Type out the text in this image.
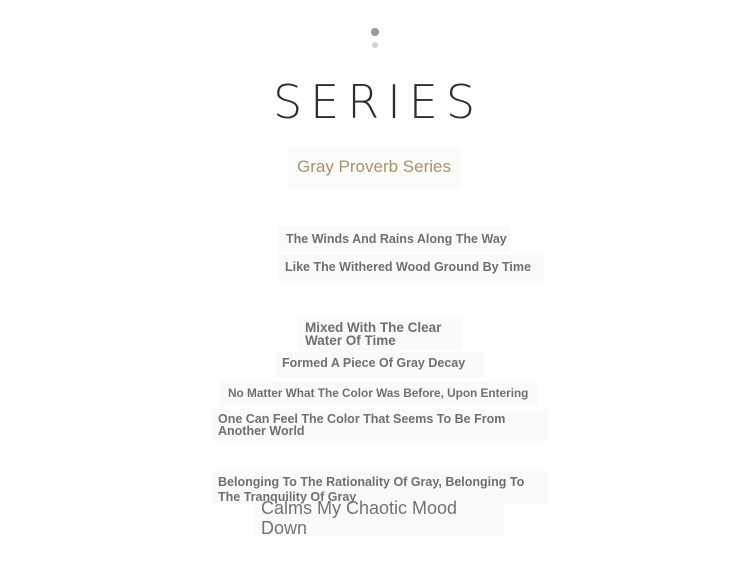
SERIES
Gray Proverb Series
The Winds And Rains Along The Way
Like The Withered Wood Ground By Time
Mixed With The Clear Water Of Time
Formed A Piece Of Gray Decay
No Matter What The Color Was Before, Upon Entering
One Can Feel The Color That Seems To Be From Another World
Belonging To The Rationality Of Gray, Belonging To The Tranquility Of Gray
Calms My Chaotic Mood Down
